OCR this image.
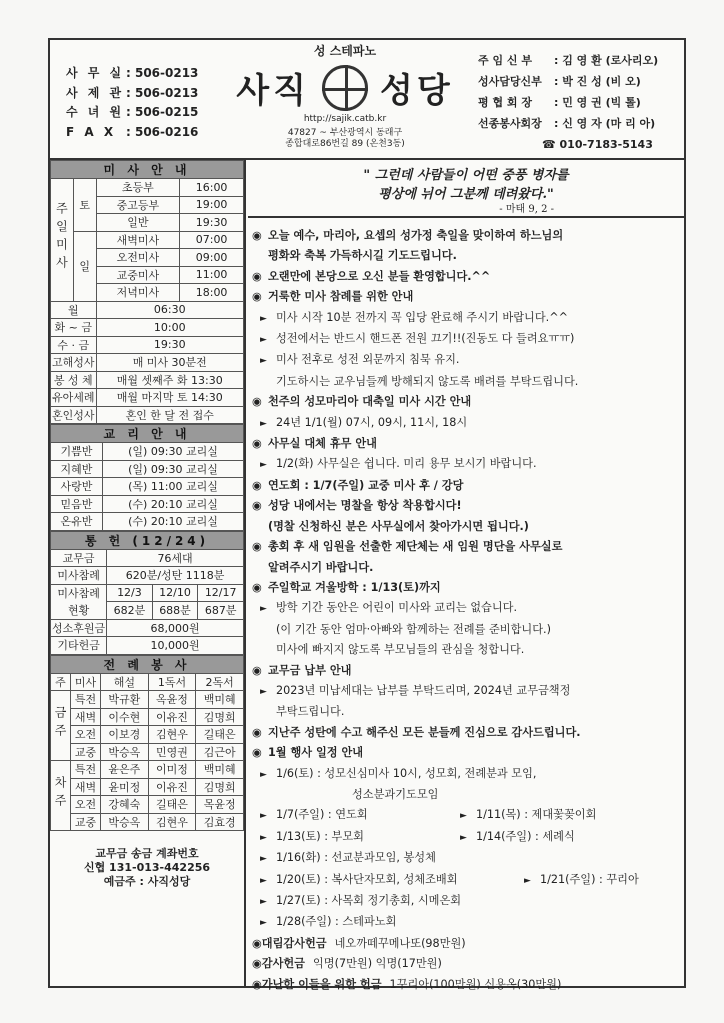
사 무 실 : 506-0213
사 제 관 : 506-0213
수 녀 원 : 506-0215
F A X : 506-0216
성 스테파노
사직 성당
http://sajik.catb.kr
47827 ~ 부산광역시 동래구
종합대로86번길 89 (온천3동)
주 임 신 부 : 김 영 환 (로사리오)
성사담당신부 : 박 진 성 (비 오)
평 협 회 장 : 민 영 권 (빅 톨)
선종봉사회장 : 신 영 자 (마 리 아)
☎ 010-7183-5143
미 사 안 내			
주일미사	토	초등부	16:00
		중고등부	19:00
		일반	19:30
	일	새벽미사	07:00
		오전미사	09:00
		교중미사	11:00
		저녁미사	18:00
월		06:30	
화 ~ 금		10:00	
수 · 금		19:30	
고해성사		매 미사 30분전	
봉 성 체		매월 셋째주 화 13:30	
유아세례		매월 마지막 토 14:30	
혼인성사		혼인 한 달 전 접수	
교 리 안 내	
기쁨반	(일) 09:30 교리실
지혜반	(일) 09:30 교리실
사랑반	(목) 11:00 교리실
믿음반	(수) 20:10 교리실
온유반	(수) 20:10 교리실
통 헌 (12/24)			
교무금	76세대		
미사참례	620분/성탄 1118분		
미사참례
현황	12/3	12/10	12/17
	682분	688분	687분
성소후원금	68,000원		
기타헌금	10,000원		
전 례 봉 사				
주	미사	해설	1독서	2독서
금주	특전	박규환	옥윤정	백미혜
	새벽	이수현	이유진	김명희
	오전	이보경	김현우	길태은
	교중	박승옥	민영권	김근아
차주	특전	윤은주	이미정	백미혜
	새벽	윤미정	이유진	김명희
	오전	강혜숙	길태은	목윤정
	교중	박승옥	김현우	김효경
교무금 송금 계좌번호
신협 131-013-442256
예금주 : 사직성당
" 그런데 사람들이 어떤 중풍 병자를
평상에 뉘어 그분께 데려왔다."
- 마태 9, 2 -
◉ 오늘 예수, 마리아, 요셉의 성가정 축일을 맞이하여 하느님의
평화와 축복 가득하시길 기도드립니다.
◉ 오랜만에 본당으로 오신 분들 환영합니다.^^
◉ 거룩한 미사 참례를 위한 안내
► 미사 시작 10분 전까지 꼭 입당 완료해 주시기 바랍니다.^^
► 성전에서는 반드시 핸드폰 전원 끄기!!(진동도 다 들려요ㅠㅠ)
► 미사 전후로 성전 외문까지 침묵 유지.
기도하시는 교우님들께 방해되지 않도록 배려를 부탁드립니다.
◉ 천주의 성모마리아 대축일 미사 시간 안내
► 24년 1/1(월) 07시, 09시, 11시, 18시
◉ 사무실 대체 휴무 안내
► 1/2(화) 사무실은 쉽니다. 미리 용무 보시기 바랍니다.
◉ 연도회 : 1/7(주일) 교중 미사 후 / 강당
◉ 성당 내에서는 명찰을 항상 착용합시다!
(명찰 신청하신 분은 사무실에서 찾아가시면 됩니다.)
◉ 총회 후 새 임원을 선출한 제단체는 새 임원 명단을 사무실로
알려주시기 바랍니다.
◉ 주일학교 겨울방학 : 1/13(토)까지
► 방학 기간 동안은 어린이 미사와 교리는 없습니다.
(이 기간 동안 엄마·아빠와 함께하는 전례를 준비합니다.)
미사에 빠지지 않도록 부모님들의 관심을 청합니다.
◉ 교무금 납부 안내
► 2023년 미납세대는 납부를 부탁드리며, 2024년 교무금책정
부탁드립니다.
◉ 지난주 성탄에 수고 해주신 모든 분들께 진심으로 감사드립니다.
◉ 1월 행사 일정 안내
► 1/6(토) : 성모신심미사 10시, 성모회, 전례분과 모임,
성소분과기도모임
► 1/7(주일) : 연도회	► 1/11(목) : 제대꽃꽂이회
► 1/13(토) : 부모회	► 1/14(주일) : 세례식
► 1/16(화) : 선교분과모임, 봉성체
► 1/20(토) : 복사단자모회, 성체조배회	► 1/21(주일) : 꾸리아
► 1/27(토) : 사목회 정기총회, 시메온회
► 1/28(주일) : 스테파노회
◉대림감사헌금 네오까떼꾸메나또(98만원)
◉감사헌금 익명(7만원) 익명(17만원)
◉가난한 이들을 위한 헌금 1꾸리아(100만원) 신용옥(30만원)
